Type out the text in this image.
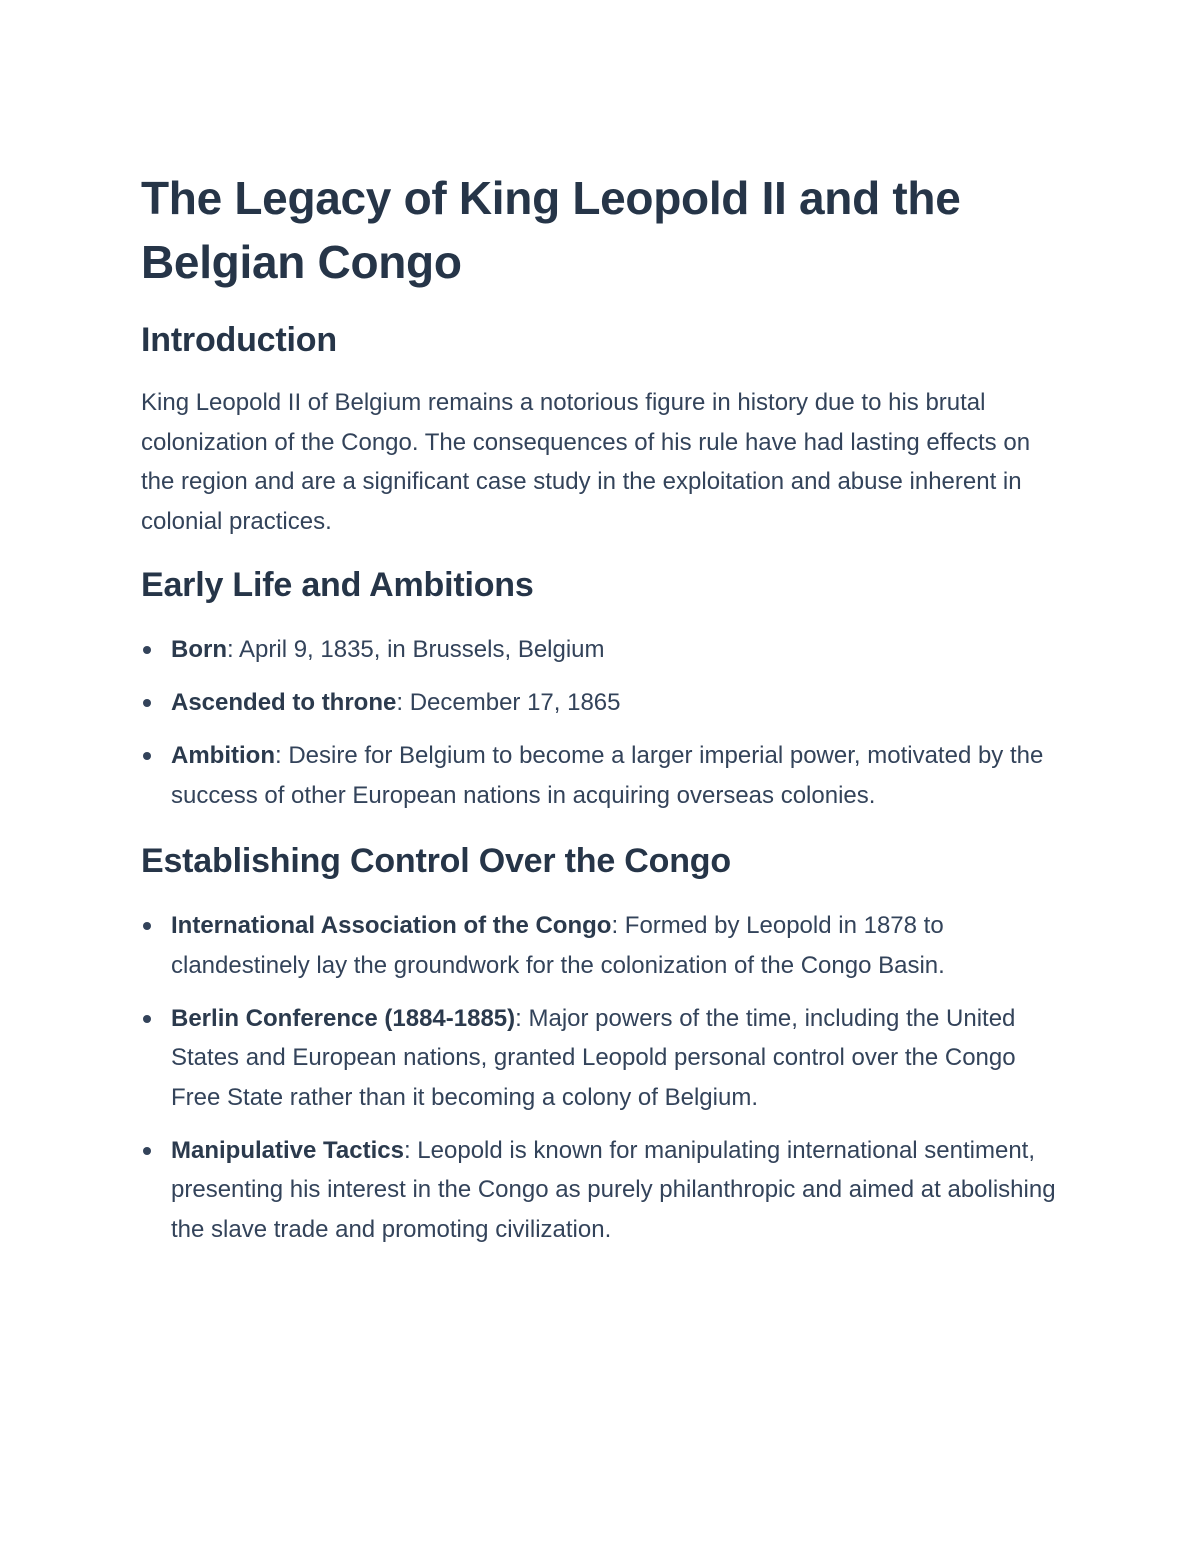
The Legacy of King Leopold II and the Belgian Congo
Introduction

King Leopold II of Belgium remains a notorious figure in history due to his brutal colonization of the Congo. The consequences of his rule have had lasting effects on the region and are a significant case study in the exploitation and abuse inherent in colonial practices.

Early Life and Ambitions
Born: April 9, 1835, in Brussels, Belgium
Ascended to throne: December 17, 1865
Ambition: Desire for Belgium to become a larger imperial power, motivated by the success of other European nations in acquiring overseas colonies.
Establishing Control Over the Congo
International Association of the Congo: Formed by Leopold in 1878 to clandestinely lay the groundwork for the colonization of the Congo Basin.
Berlin Conference (1884-1885): Major powers of the time, including the United States and European nations, granted Leopold personal control over the Congo Free State rather than it becoming a colony of Belgium.
Manipulative Tactics: Leopold is known for manipulating international sentiment, presenting his interest in the Congo as purely philanthropic and aimed at abolishing the slave trade and promoting civilization.
